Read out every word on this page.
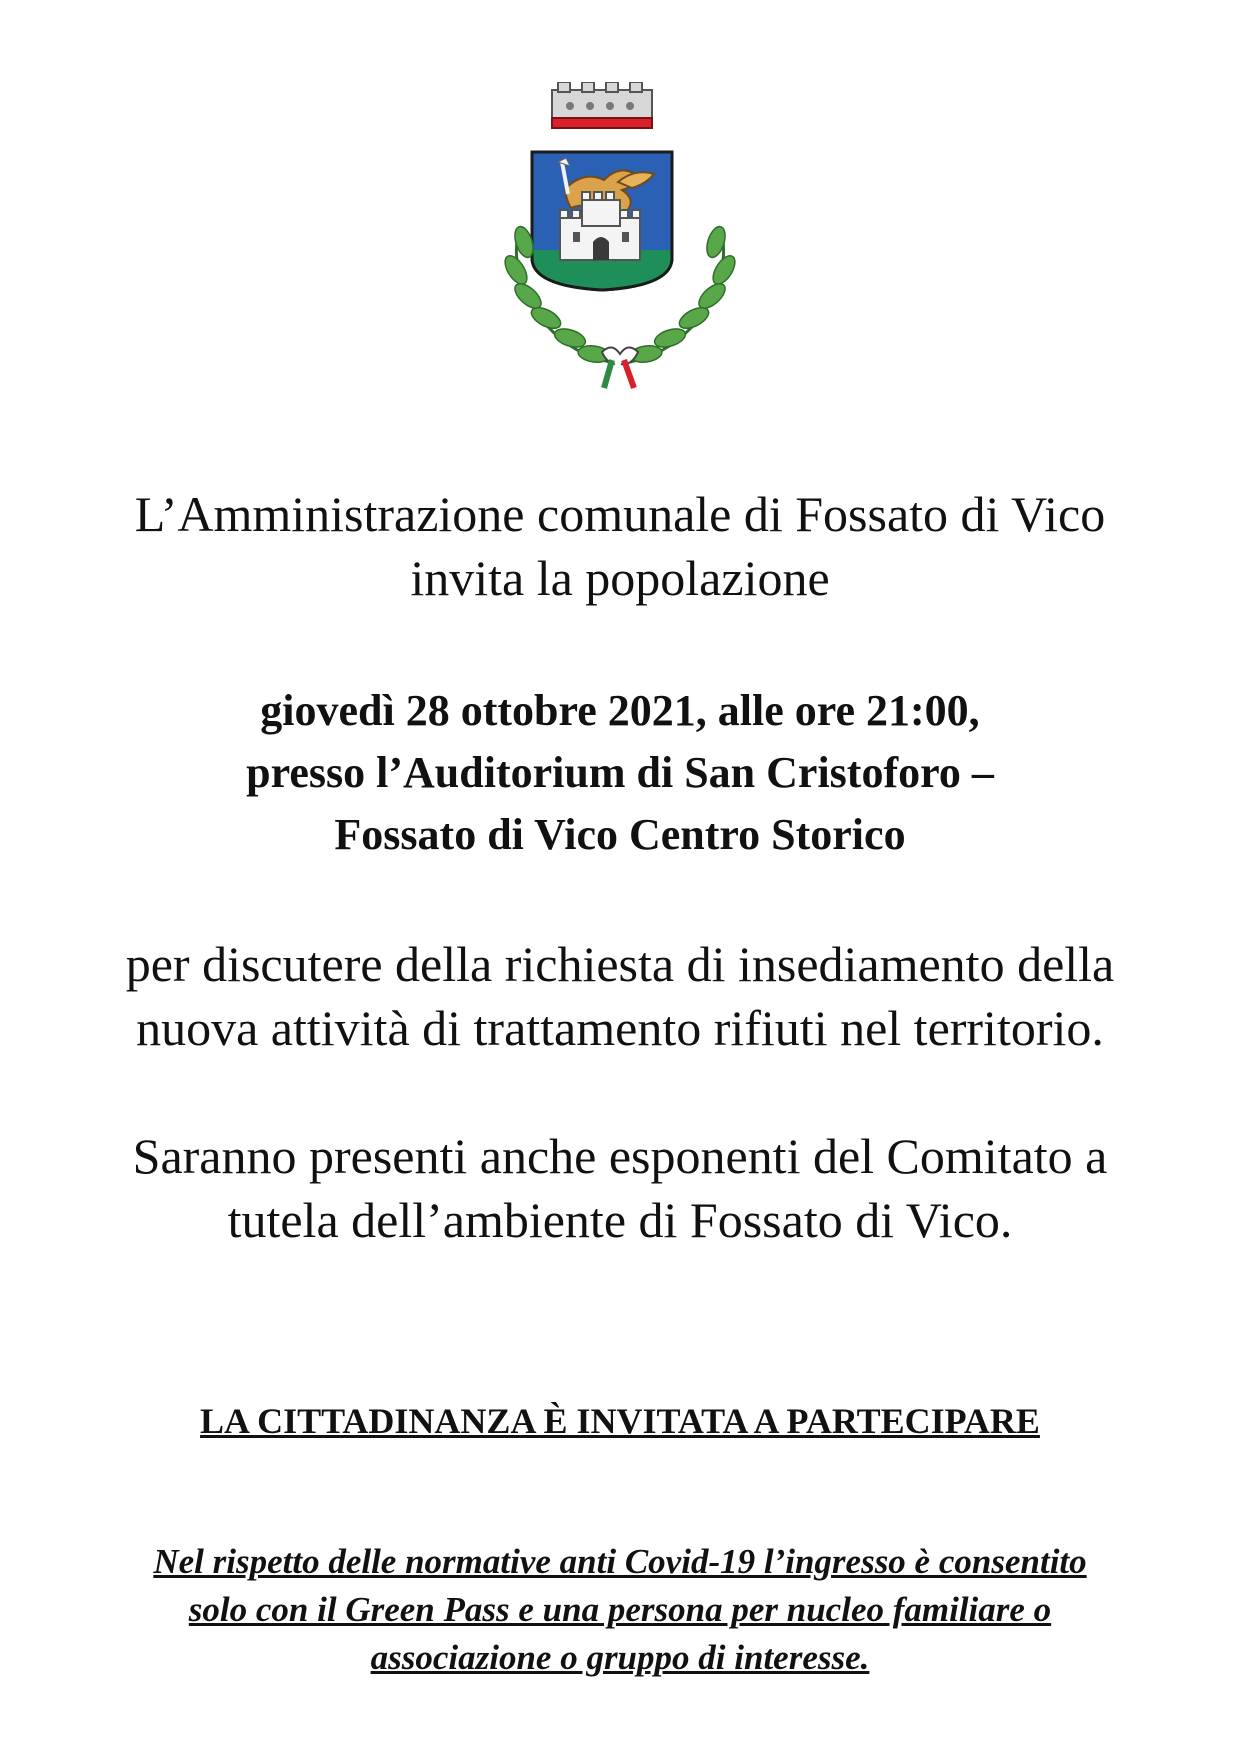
L’Amministrazione comunale di Fossato di Vico
invita la popolazione
giovedì 28 ottobre 2021, alle ore 21:00,
presso l’Auditorium di San Cristoforo –
Fossato di Vico Centro Storico
per discutere della richiesta di insediamento della
nuova attività di trattamento rifiuti nel territorio.
Saranno presenti anche esponenti del Comitato a
tutela dell’ambiente di Fossato di Vico.
LA CITTADINANZA È INVITATA A PARTECIPARE
Nel rispetto delle normative anti Covid-19 l’ingresso è consentito
solo con il Green Pass e una persona per nucleo familiare o
associazione o gruppo di interesse.
